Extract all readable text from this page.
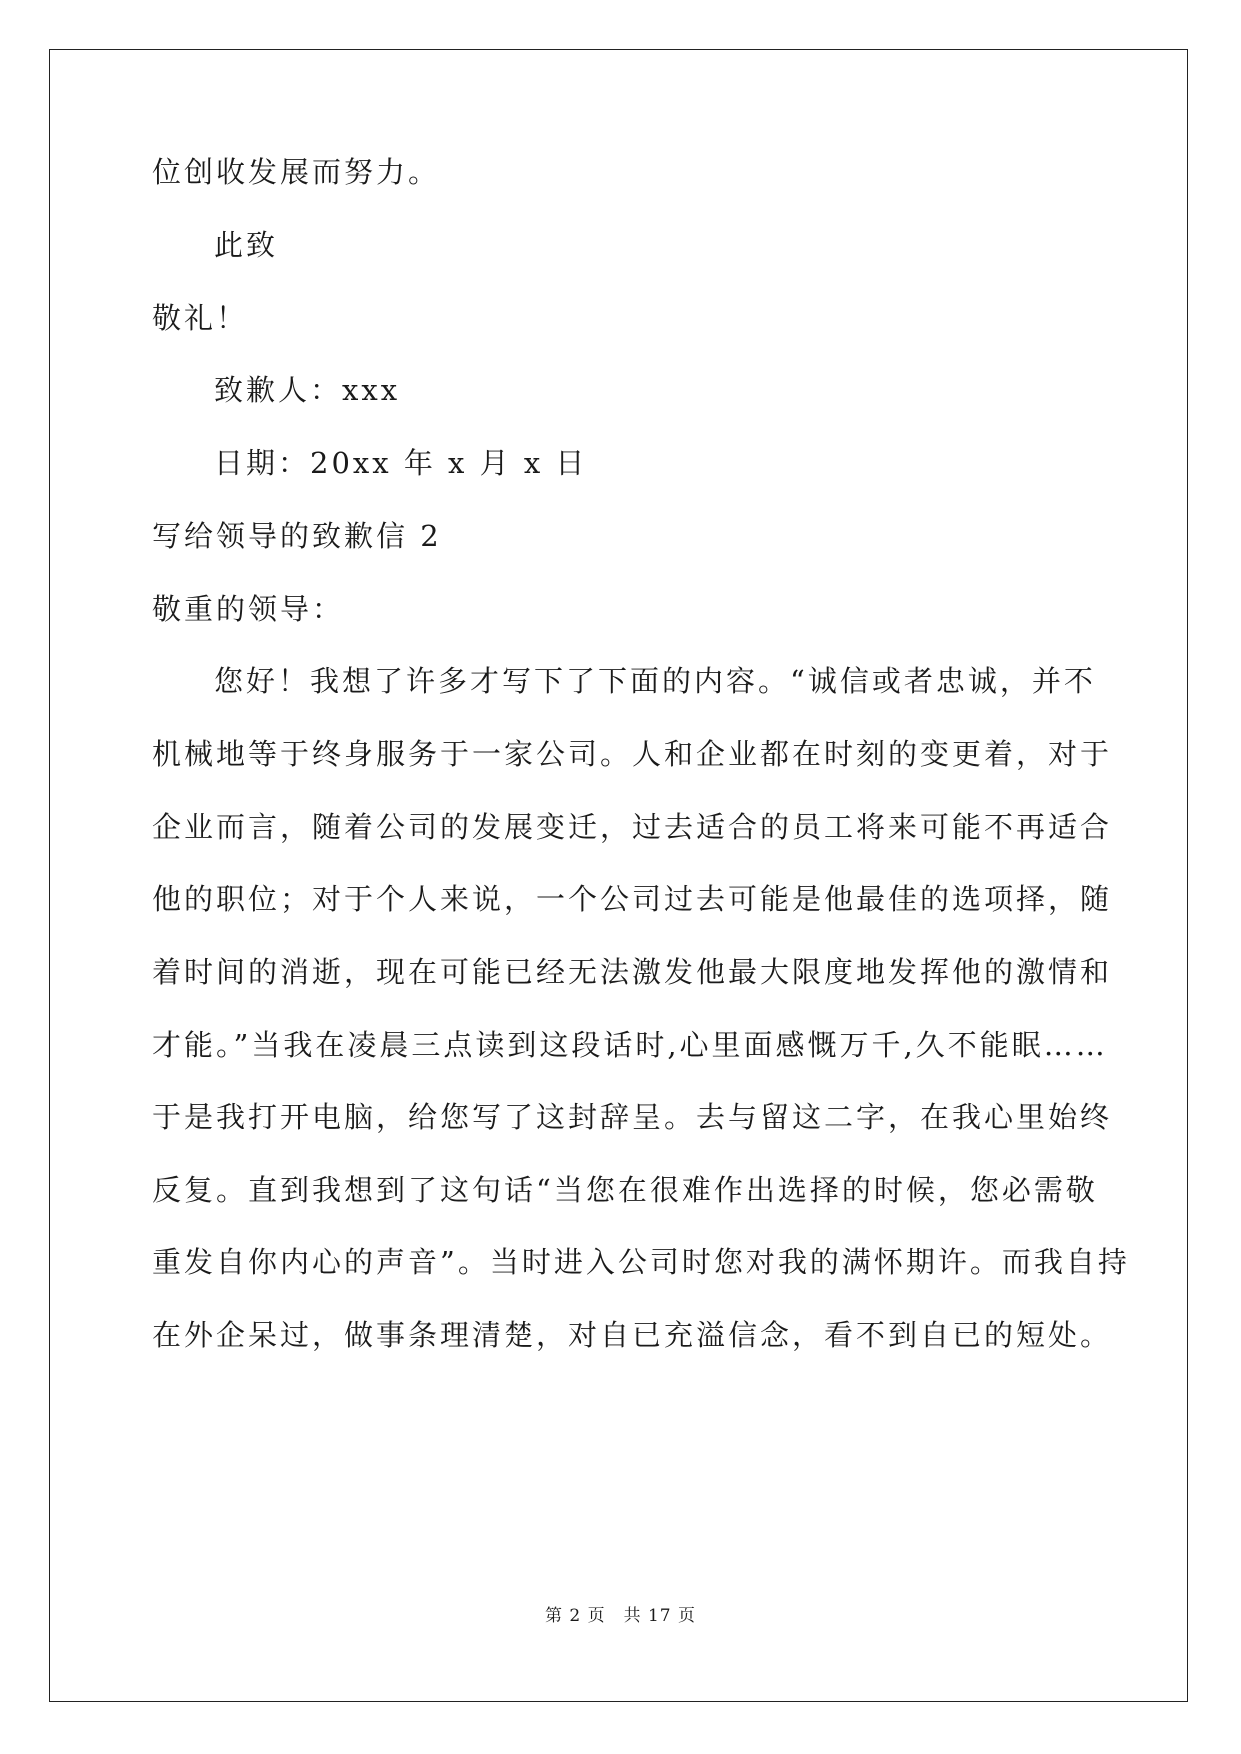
位创收发展而努力。
此致
敬礼！
致歉人：xxx
日期：20xx 年 x 月 x 日
写给领导的致歉信 2
敬重的领导：
您好！我想了许多才写下了下面的内容。“诚信或者忠诚，并不
机械地等于终身服务于一家公司。人和企业都在时刻的变更着，对于
企业而言，随着公司的发展变迁，过去适合的员工将来可能不再适合
他的职位；对于个人来说，一个公司过去可能是他最佳的选项择，随
着时间的消逝，现在可能已经无法激发他最大限度地发挥他的激情和
才能。”当我在凌晨三点读到这段话时,心里面感慨万千,久不能眠……
于是我打开电脑，给您写了这封辞呈。去与留这二字，在我心里始终
反复。直到我想到了这句话“当您在很难作出选择的时候，您必需敬
重发自你内心的声音”。当时进入公司时您对我的满怀期许。而我自持
在外企呆过，做事条理清楚，对自已充溢信念，看不到自已的短处。
第 2 页 共 17 页
